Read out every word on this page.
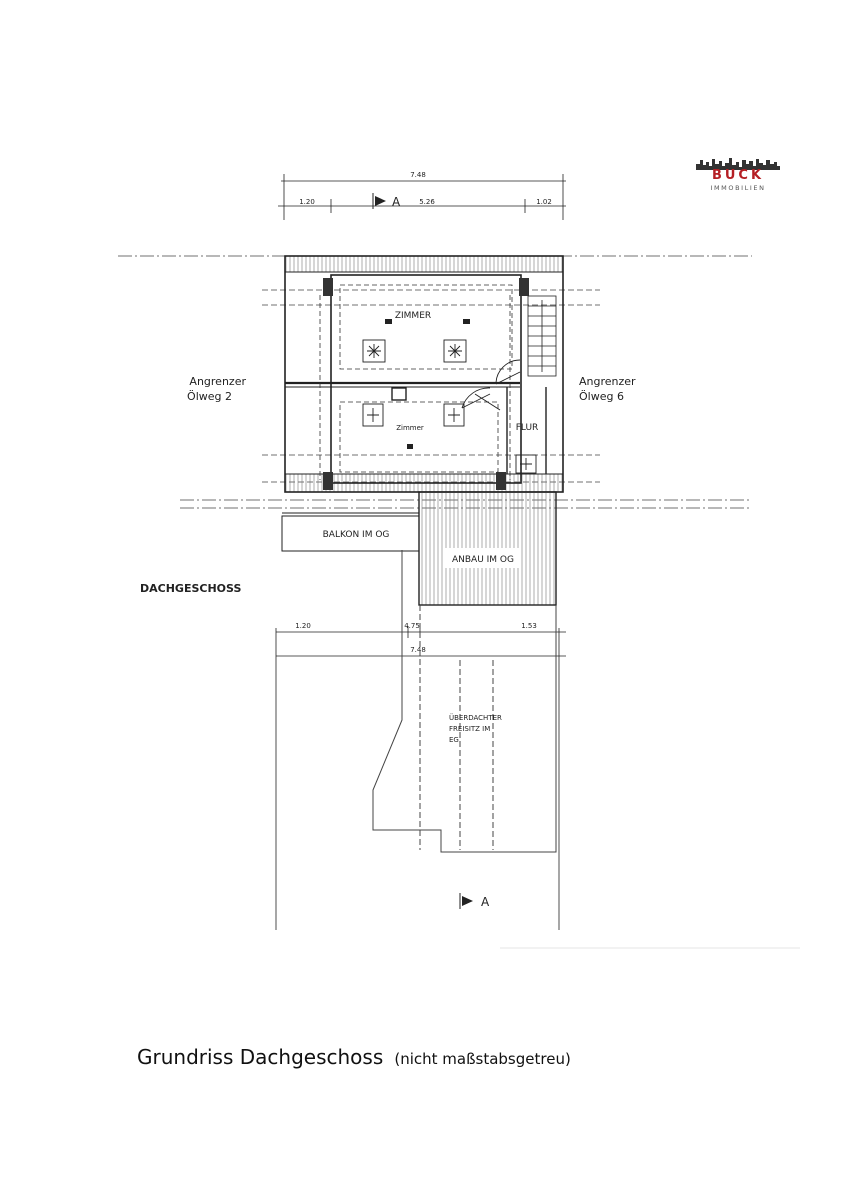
BUCK
IMMOBILIEN
7.48
1.20	5.26	1.02
A
ZIMMER
Zimmer	FLUR
Angrenzer
Ölweg 2
Angrenzer
Ölweg 6
BALKON IM OG
ANBAU IM OG
DACHGESCHOSS
1.20	4.75	1.53
7.48
ÜBERDACHTER
FREISITZ IM
EG
A
Grundriss Dachgeschoss (nicht maßstabsgetreu)
